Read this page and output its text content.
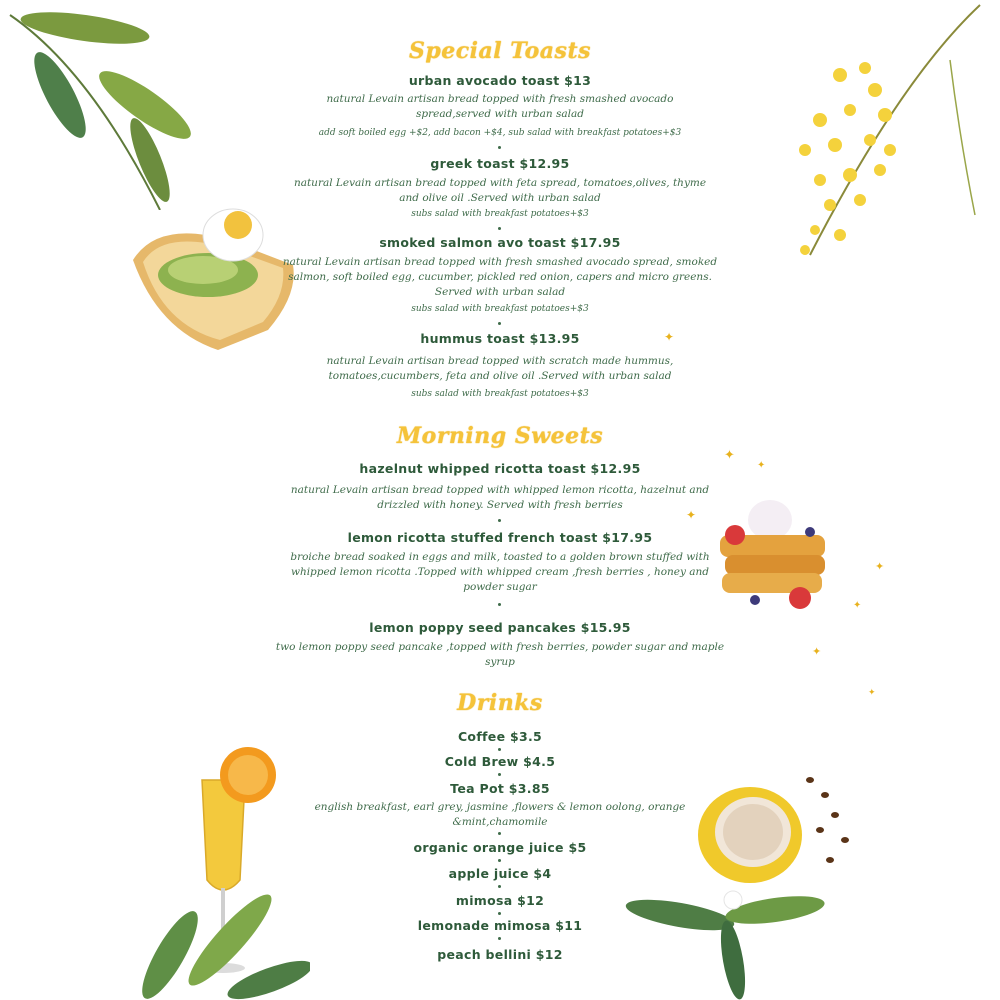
✦
✦
✦
✦
✦
✦
✦
✦
Special Toasts
urban avocado toast $13
natural Levain artisan bread topped with fresh smashed avocado spread,served with urban salad
add soft boiled egg +$2, add bacon +$4, sub salad with breakfast potatoes+$3
greek toast $12.95
natural Levain artisan bread topped with feta spread, tomatoes,olives, thyme and olive oil .Served with urban salad
subs salad with breakfast potatoes+$3
smoked salmon avo toast $17.95
natural Levain artisan bread topped with fresh smashed avocado spread, smoked salmon, soft boiled egg, cucumber, pickled red onion, capers and micro greens. Served with urban salad
subs salad with breakfast potatoes+$3
hummus toast $13.95
natural Levain artisan bread topped with scratch made hummus, tomatoes,cucumbers, feta and olive oil .Served with urban salad
subs salad with breakfast potatoes+$3
Morning Sweets
hazelnut whipped ricotta toast $12.95
natural Levain artisan bread topped with whipped lemon ricotta, hazelnut and drizzled with honey. Served with fresh berries
lemon ricotta stuffed french toast $17.95
broiche bread soaked in eggs and milk, toasted to a golden brown stuffed with whipped lemon ricotta .Topped with whipped cream ,fresh berries , honey and powder sugar
lemon poppy seed pancakes $15.95
two lemon poppy seed pancake ,topped with fresh berries, powder sugar and maple syrup
Drinks
Coffee $3.5
Cold Brew $4.5
Tea Pot $3.85
english breakfast, earl grey, jasmine ,flowers & lemon oolong, orange &mint,chamomile
organic orange juice $5
apple juice $4
mimosa $12
lemonade mimosa $11
peach bellini $12
